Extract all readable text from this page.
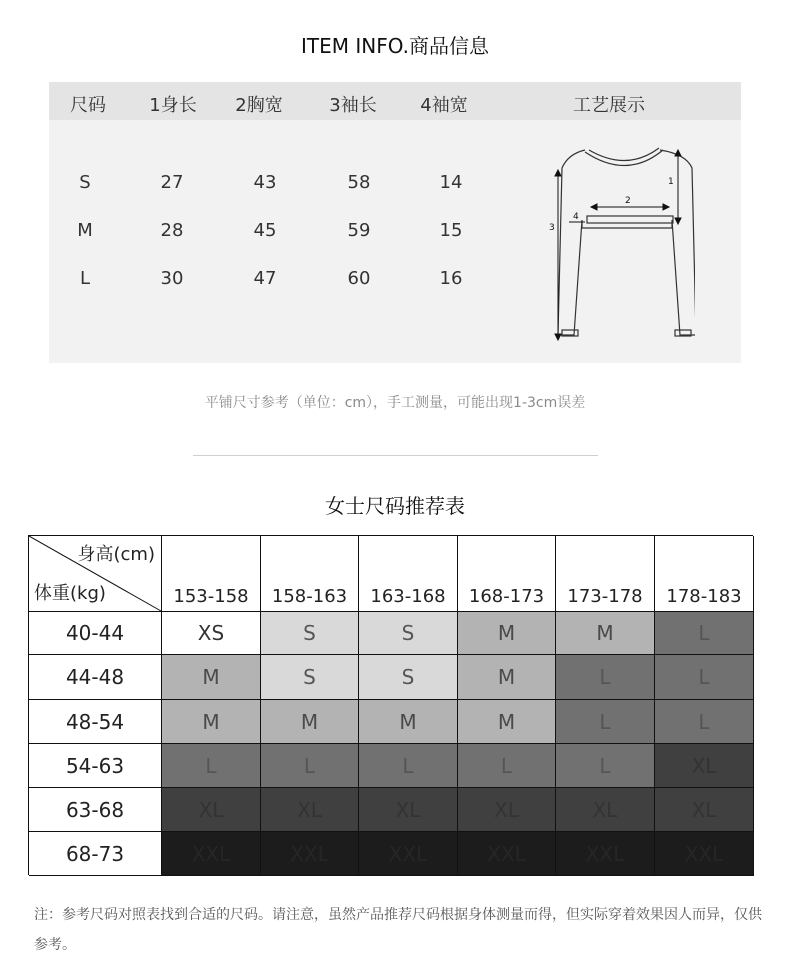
ITEM INFO.商品信息
尺码	1身长	2胸宽	3袖长	4袖宽	工艺展示
S	27	43	58	14
M	28	45	59	15
L	30	47	60	16
1
2
3
4
平铺尺寸参考（单位：cm），手工测量，可能出现1-3cm误差
女士尺码推荐表
身高(cm)
体重(kg)	153-158	158-163	163-168	168-173	173-178	178-183
40-44	XS	S	S	M	M	L
44-48	M	S	S	M	L	L
48-54	M	M	M	M	L	L
54-63	L	L	L	L	L	XL
63-68	XL	XL	XL	XL	XL	XL
68-73	XXL	XXL	XXL	XXL	XXL	XXL
注：参考尺码对照表找到合适的尺码。请注意，虽然产品推荐尺码根据身体测量而得，但实际穿着效果因人而异，仅供参考。
